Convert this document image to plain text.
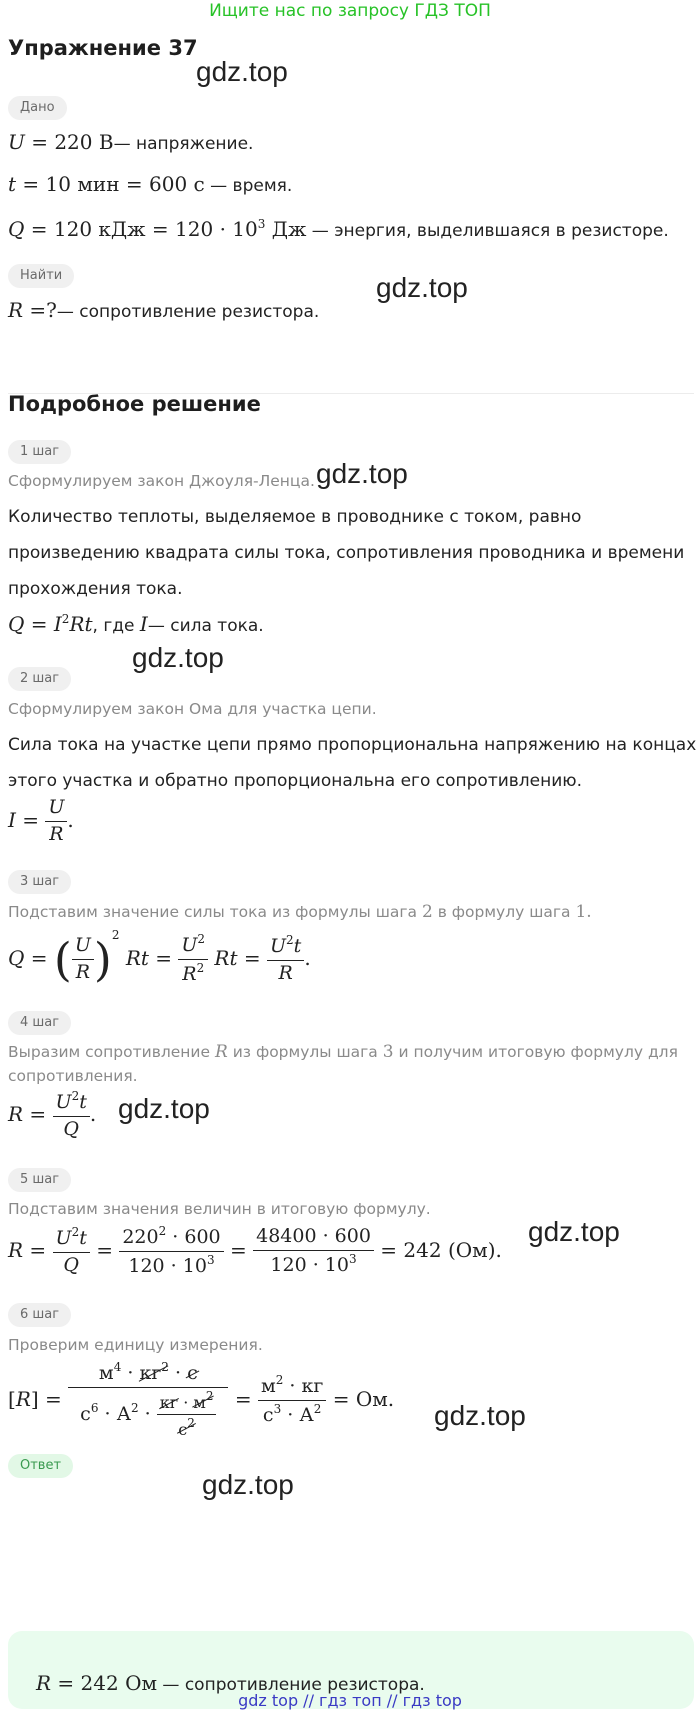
Ищите нас по запросу ГДЗ ТОП
Упражнение 37
gdz.top
gdz.top
gdz.top
gdz.top
gdz.top
gdz.top
gdz.top
gdz.top
Дано
U = 220 В— напряжение.
t = 10 мин = 600 с — время.
Q = 120 кДж = $120 \cdot 10^3$ Дж — энергия, выделившаяся в резисторе.
Найти
R =?— сопротивление резистора.
Подробное решение
1 шаг

Сформулируем закон Джоуля-Ленца.

Количество теплоты, выделяемое в проводнике с током, равно произведению квадрата силы тока, сопротивления проводника и времени прохождения тока.

$Q = I^2Rt$, где I— сила тока.
2 шаг

Сформулируем закон Ома для участка цепи.

Сила тока на участке цепи прямо пропорциональна напряжению на концах этого участка и обратно пропорциональна его сопротивлению.

$I = \frac{U}{R}$ .
3 шаг

Подставим значение силы тока из формулы шага 2 в формулу шага 1.

Q = ( $\frac{U}{R} )^2$ $Rt = \frac{U^2}{R^2}$ $Rt = \frac{U^2t}{R}$ .
4 шаг

Выразим сопротивление R из формулы шага 3 и получим итоговую формулу для сопротивления.

$R = \frac{U^2t}{Q}$ .
5 шаг

Подставим значения величин в итоговую формулу.

$R = \frac{U^2t}{Q} = \frac{220^2 \cdot 600}{120 \cdot 10^3} = \frac{48400 \cdot 600}{120 \cdot 10^3} = 242$ (Ом).
6 шаг

Проверим единицу измерения.

$[R] = \frac{м^4 \cdot кг^2 \cdot с}{с^6 \cdot А^2 \cdot \frac{кг \cdot м^2}{с^2}} = \frac{м^2 \cdot кг}{с^3 \cdot А^2}$ = Ом.
Ответ
R = 242 Ом — сопротивление резистора.
gdz top // гдз топ // гдз top
